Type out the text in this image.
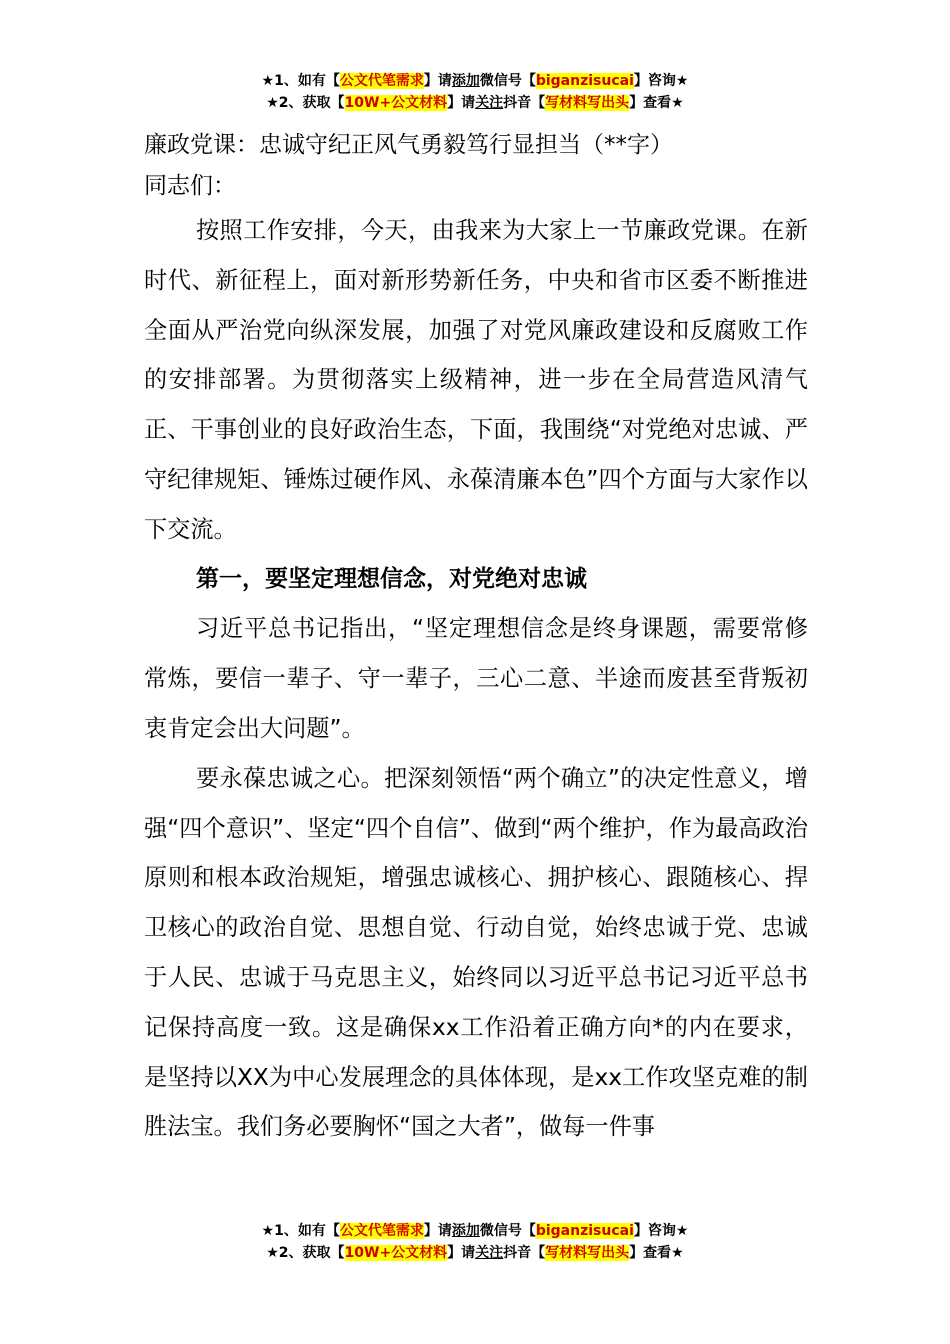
★1、如有【公文代笔需求】请添加微信号【biganzisucai】咨询★
★2、获取【10W+公文材料】请关注抖音【写材料写出头】查看★

廉政党课：忠诚守纪正风气勇毅笃行显担当（**字）

同志们：

按照工作安排，今天，由我来为大家上一节廉政党课。在新时代、新征程上，面对新形势新任务，中央和省市区委不断推进全面从严治党向纵深发展，加强了对党风廉政建设和反腐败工作的安排部署。为贯彻落实上级精神，进一步在全局营造风清气正、干事创业的良好政治生态，下面，我围绕“对党绝对忠诚、严守纪律规矩、锤炼过硬作风、永葆清廉本色”四个方面与大家作以下交流。

第一，要坚定理想信念，对党绝对忠诚

习近平总书记指出，“坚定理想信念是终身课题，需要常修常炼，要信一辈子、守一辈子，三心二意、半途而废甚至背叛初衷肯定会出大问题”。

要永葆忠诚之心。把深刻领悟“两个确立”的决定性意义，增强“四个意识”、坚定“四个自信”、做到“两个维护，作为最高政治原则和根本政治规矩，增强忠诚核心、拥护核心、跟随核心、捍卫核心的政治自觉、思想自觉、行动自觉，始终忠诚于党、忠诚于人民、忠诚于马克思主义，始终同以习近平总书记习近平总书记保持高度一致。这是确保xx工作沿着正确方向*的内在要求，是坚持以XX为中心发展理念的具体体现，是xx工作攻坚克难的制胜法宝。我们务必要胸怀“国之大者”，做每一件事

★1、如有【公文代笔需求】请添加微信号【biganzisucai】咨询★
★2、获取【10W+公文材料】请关注抖音【写材料写出头】查看★
